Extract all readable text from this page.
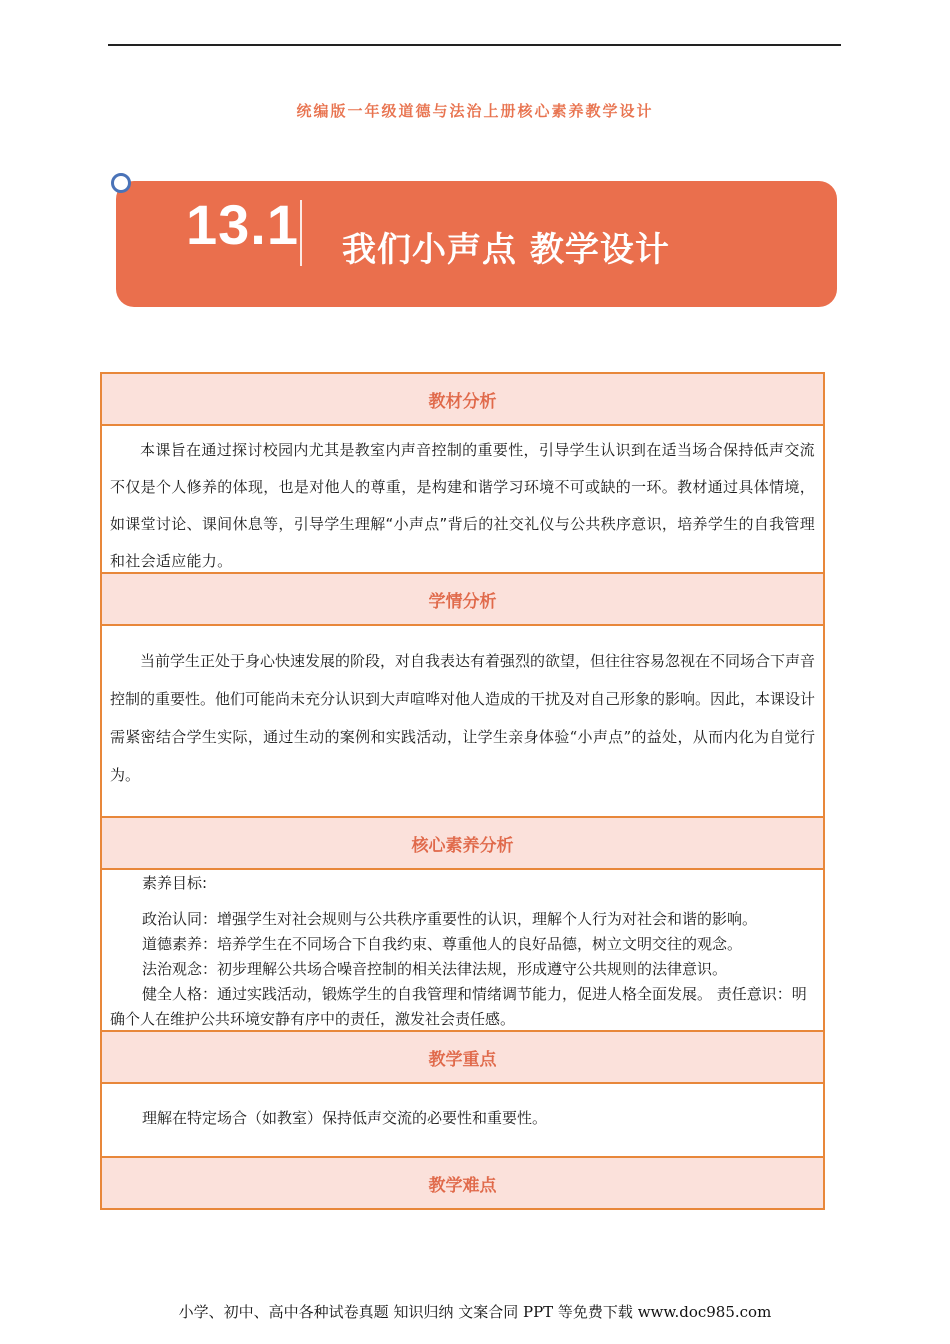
统编版一年级道德与法治上册核心素养教学设计
13.1 我们小声点 教学设计
教材分析

本课旨在通过探讨校园内尤其是教室内声音控制的重要性，引导学生认识到在适当场合保持低声交流不仅是个人修养的体现，也是对他人的尊重，是构建和谐学习环境不可或缺的一环。教材通过具体情境，如课堂讨论、课间休息等，引导学生理解“小声点”背后的社交礼仪与公共秩序意识，培养学生的自我管理和社会适应能力。

学情分析

当前学生正处于身心快速发展的阶段，对自我表达有着强烈的欲望，但往往容易忽视在不同场合下声音控制的重要性。他们可能尚未充分认识到大声喧哗对他人造成的干扰及对自己形象的影响。因此，本课设计需紧密结合学生实际，通过生动的案例和实践活动，让学生亲身体验“小声点”的益处，从而内化为自觉行为。

核心素养分析

素养目标:

政治认同：增强学生对社会规则与公共秩序重要性的认识，理解个人行为对社会和谐的影响。

道德素养：培养学生在不同场合下自我约束、尊重他人的良好品德，树立文明交往的观念。

法治观念：初步理解公共场合噪音控制的相关法律法规，形成遵守公共规则的法律意识。

健全人格：通过实践活动，锻炼学生的自我管理和情绪调节能力，促进人格全面发展。 责任意识：明确个人在维护公共环境安静有序中的责任，激发社会责任感。

教学重点

理解在特定场合（如教室）保持低声交流的必要性和重要性。

教学难点
小学、初中、高中各种试卷真题 知识归纳 文案合同 PPT 等免费下载 www.doc985.com
